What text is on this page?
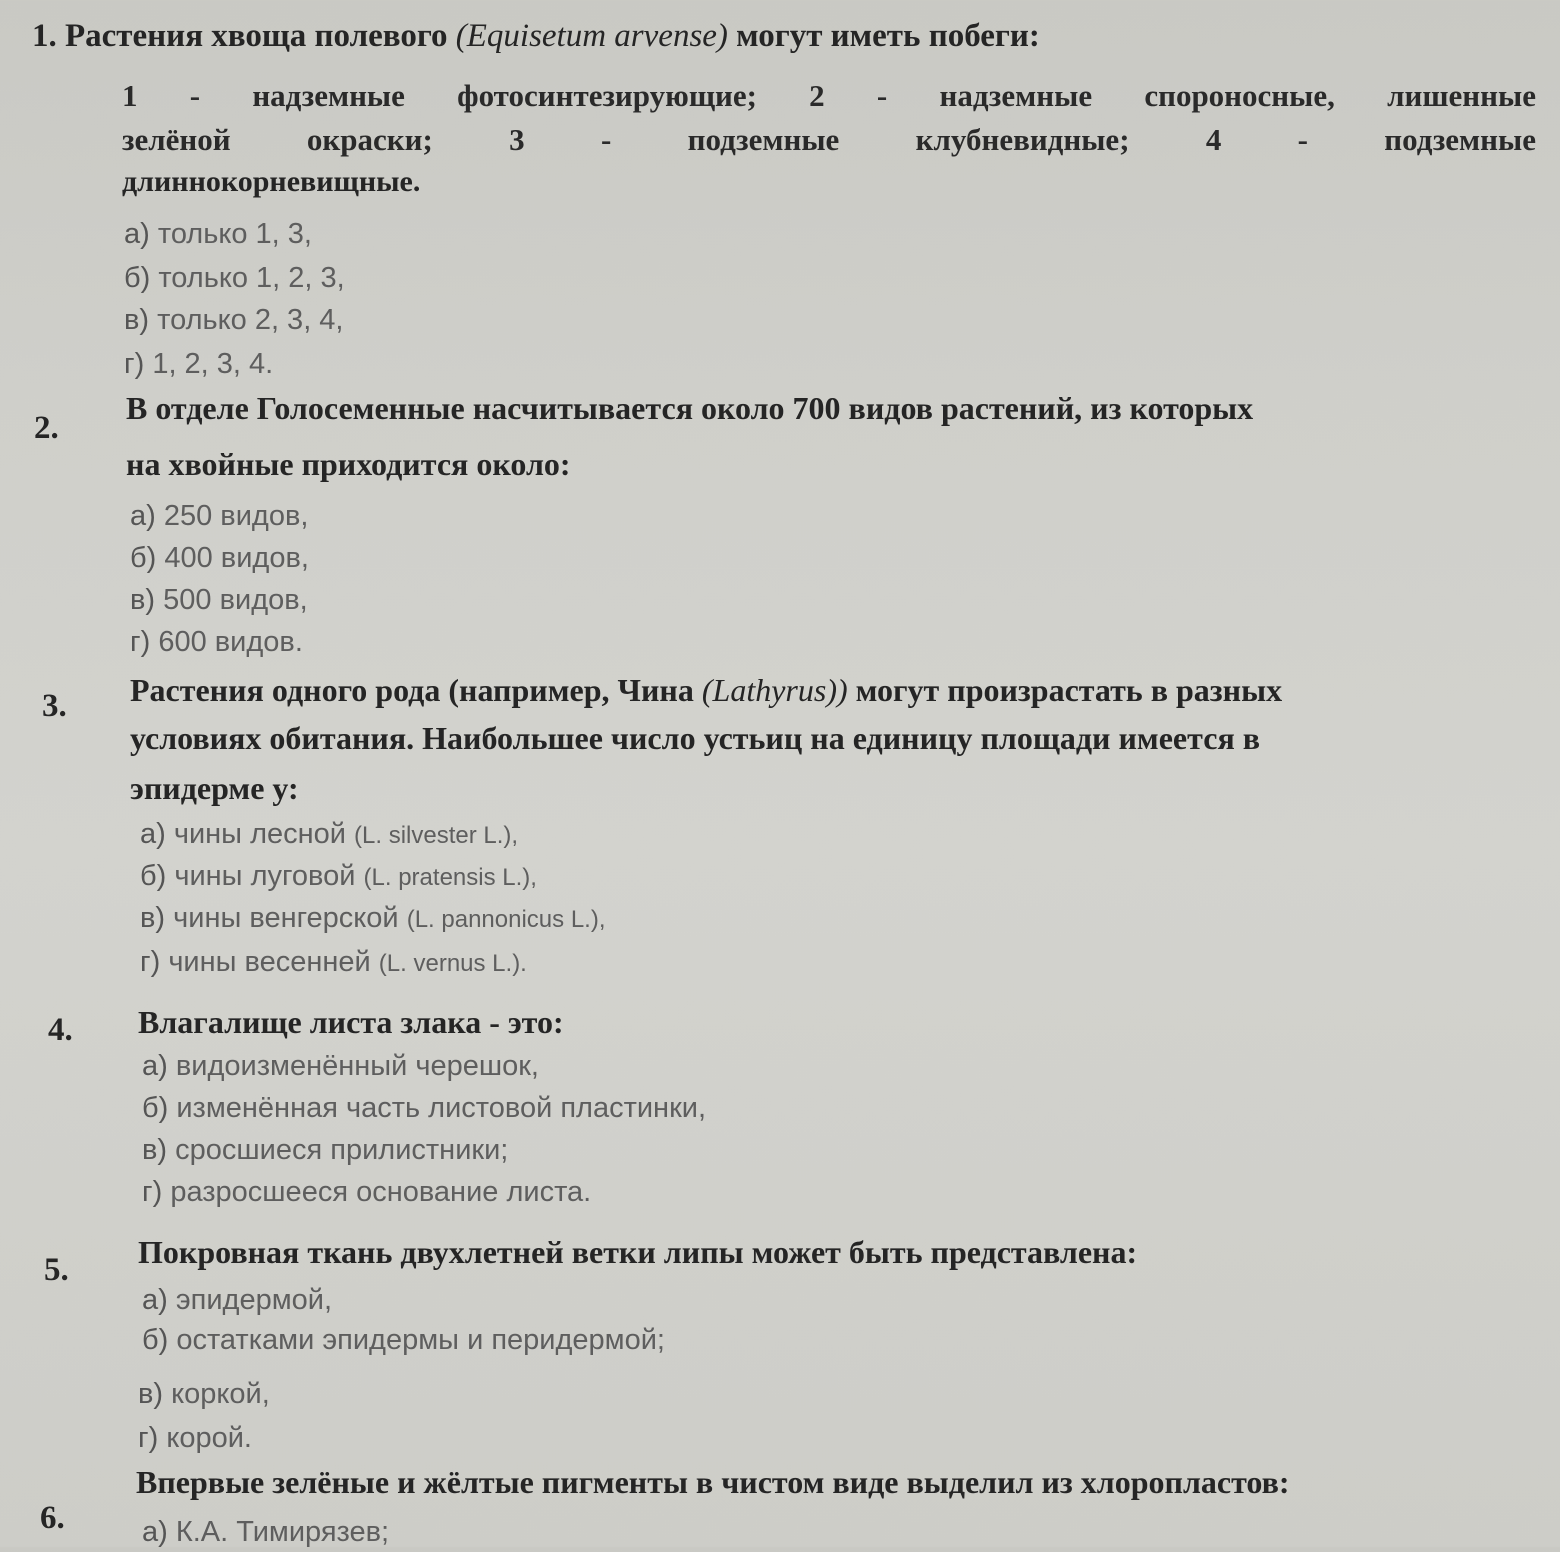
1. Растения хвоща полевого (Equisetum arvense) могут иметь побеги:
1 - надземные фотосинтезирующие; 2 - надземные спороносные, лишенные
зелёной окраски; 3 - подземные клубневидные; 4 - подземные
длиннокорневищные.
а) только 1, 3,
б) только 1, 2, 3,
в) только 2, 3, 4,
г) 1, 2, 3, 4.
2.
В отделе Голосеменные насчитывается около 700 видов растений, из которых
на хвойные приходится около:
а) 250 видов,
б) 400 видов,
в) 500 видов,
г) 600 видов.
3. Растения одного рода (например, Чина (Lathyrus)) могут произрастать в разных
условиях обитания. Наибольшее число устьиц на единицу площади имеется в
эпидерме у:
а) чины лесной (L. silvester L.),
б) чины луговой (L. pratensis L.),
в) чины венгерской (L. pannonicus L.),
г) чины весенней (L. vernus L.).
4. Влагалище листа злака - это:
а) видоизменённый черешок,
б) изменённая часть листовой пластинки,
в) сросшиеся прилистники;
г) разросшееся основание листа.
5. Покровная ткань двухлетней ветки липы может быть представлена:
а) эпидермой,
б) остатками эпидермы и перидермой;
в) коркой,
г) корой.
6.
Впервые зелёные и жёлтые пигменты в чистом виде выделил из хлоропластов:
а) К.А. Тимирязев;
